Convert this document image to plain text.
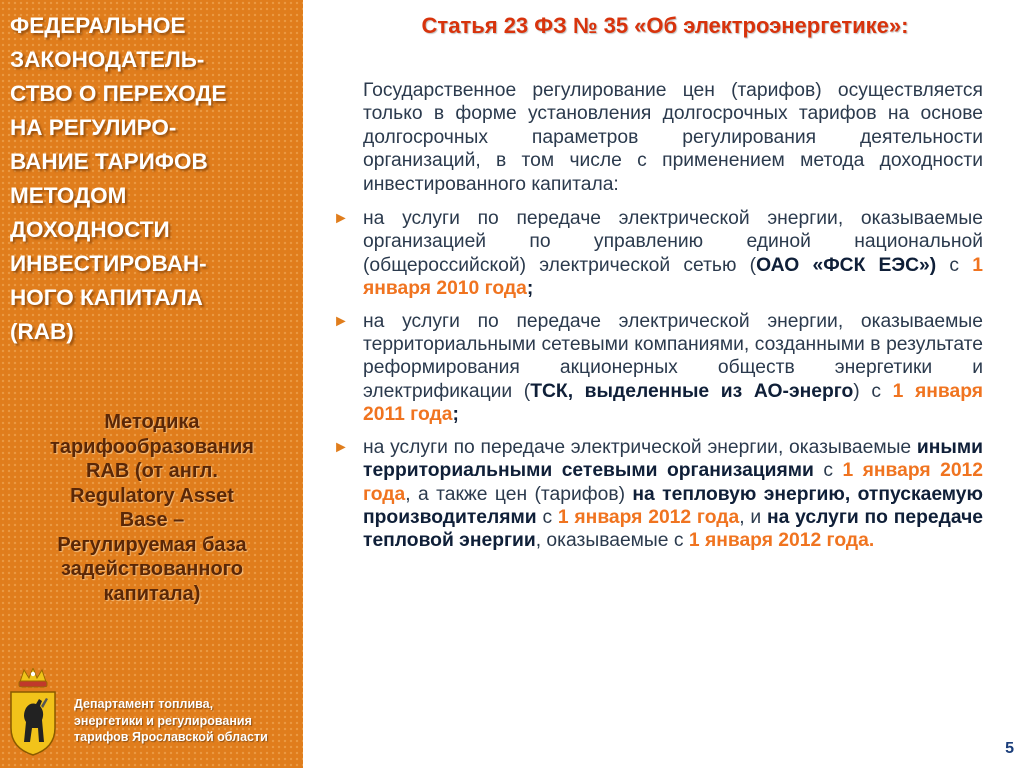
ФЕДЕРАЛЬНОЕ
ЗАКОНОДАТЕЛЬ-
СТВО О ПЕРЕХОДЕ
НА РЕГУЛИРО-
ВАНИЕ ТАРИФОВ
МЕТОДОМ
ДОХОДНОСТИ
ИНВЕСТИРОВАН-
НОГО КАПИТАЛА
(RAB)
Методика
тарифообразования
RAB (от англ.
Regulatory Asset
Base –
Регулируемая база
задействованного
капитала)
Департамент топлива,
энергетики и регулирования
тарифов Ярославской области
Статья 23 ФЗ № 35 «Об электроэнергетике»:
Государственное регулирование цен (тарифов) осуществляется только в форме установления долгосрочных тарифов на основе долгосрочных параметров регулирования деятельности организаций, в том числе с применением метода доходности инвестированного капитала:
► на услуги по передаче электрической энергии, оказываемые организацией по управлению единой национальной (общероссийской) электрической сетью (ОАО «ФСК ЕЭС») с 1 января 2010 года;
► на услуги по передаче электрической энергии, оказываемые территориальными сетевыми компаниями, созданными в результате реформирования акционерных обществ энергетики и электрификации (ТСК, выделенные из АО-энерго) с 1 января 2011 года;
► на услуги по передаче электрической энергии, оказываемые иными территориальными сетевыми организациями с 1 января 2012 года, а также цен (тарифов) на тепловую энергию, отпускаемую производителями с 1 января 2012 года, и на услуги по передаче тепловой энергии, оказываемые с 1 января 2012 года.
5
